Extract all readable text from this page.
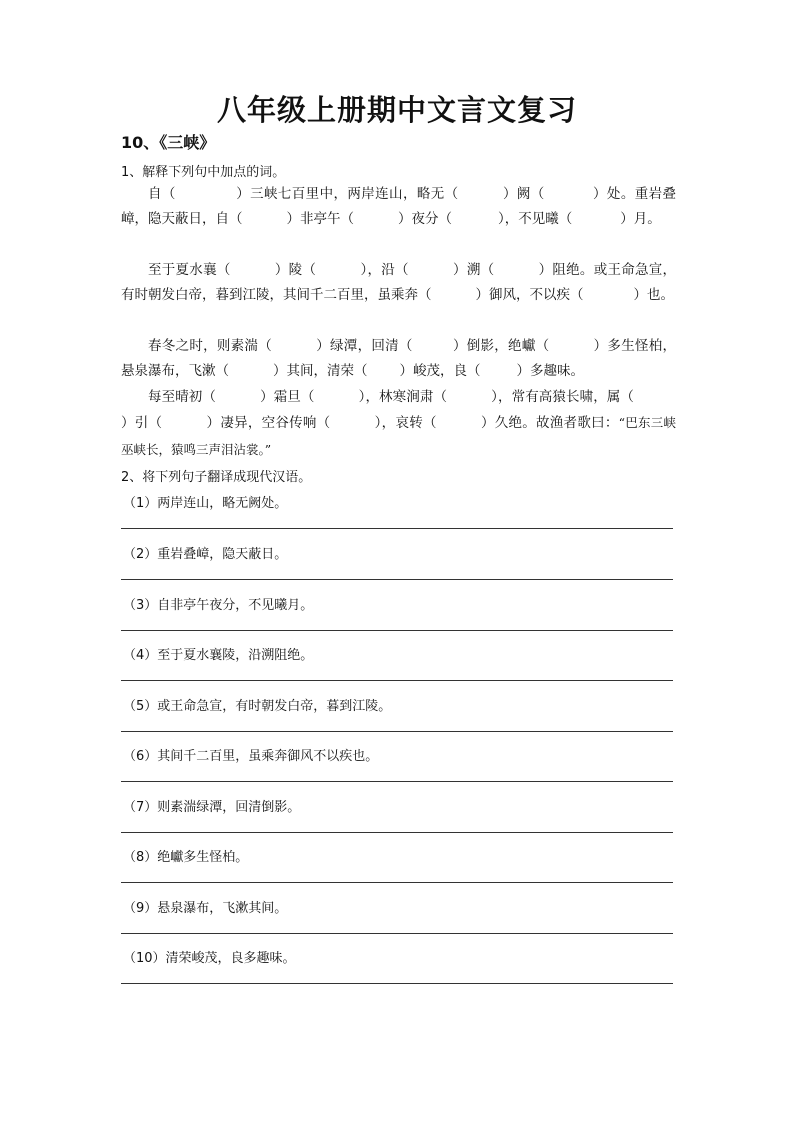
八年级上册期中文言文复习
10、《三峡》
1、解释下列句中加点的词。

自（	）三峡七百里中，两岸连山，略无（	）阙（	）处。重岩叠嶂，隐天蔽日，自（	）非亭午（	）夜分（	），不见曦（	）月。

至于夏水襄（	）陵（	），沿（	）溯（	）阻绝。或王命急宣，有时朝发白帝，暮到江陵，其间千二百里，虽乘奔（	）御风，不以疾（	）也。

春冬之时，则素湍（	）绿潭，回清（	）倒影，绝巘（	）多生怪柏，悬泉瀑布，飞漱（	）其间，清荣（ ）峻茂，良（	）多趣味。

每至晴初（	）霜旦（	），林寒涧肃（	），常有高猿长啸，属（）引（	）凄异，空谷传响（	），哀转（	）久绝。故渔者歌曰：“巴东三峡巫峡长，猿鸣三声泪沾裳。”

2、将下列句子翻译成现代汉语。
（1）两岸连山，略无阙处。
（2）重岩叠嶂，隐天蔽日。
（3）自非亭午夜分，不见曦月。
（4）至于夏水襄陵，沿溯阻绝。
（5）或王命急宣，有时朝发白帝，暮到江陵。
（6）其间千二百里，虽乘奔御风不以疾也。
（7）则素湍绿潭，回清倒影。
（8）绝巘多生怪柏。
（9）悬泉瀑布，飞漱其间。
（10）清荣峻茂，良多趣味。
